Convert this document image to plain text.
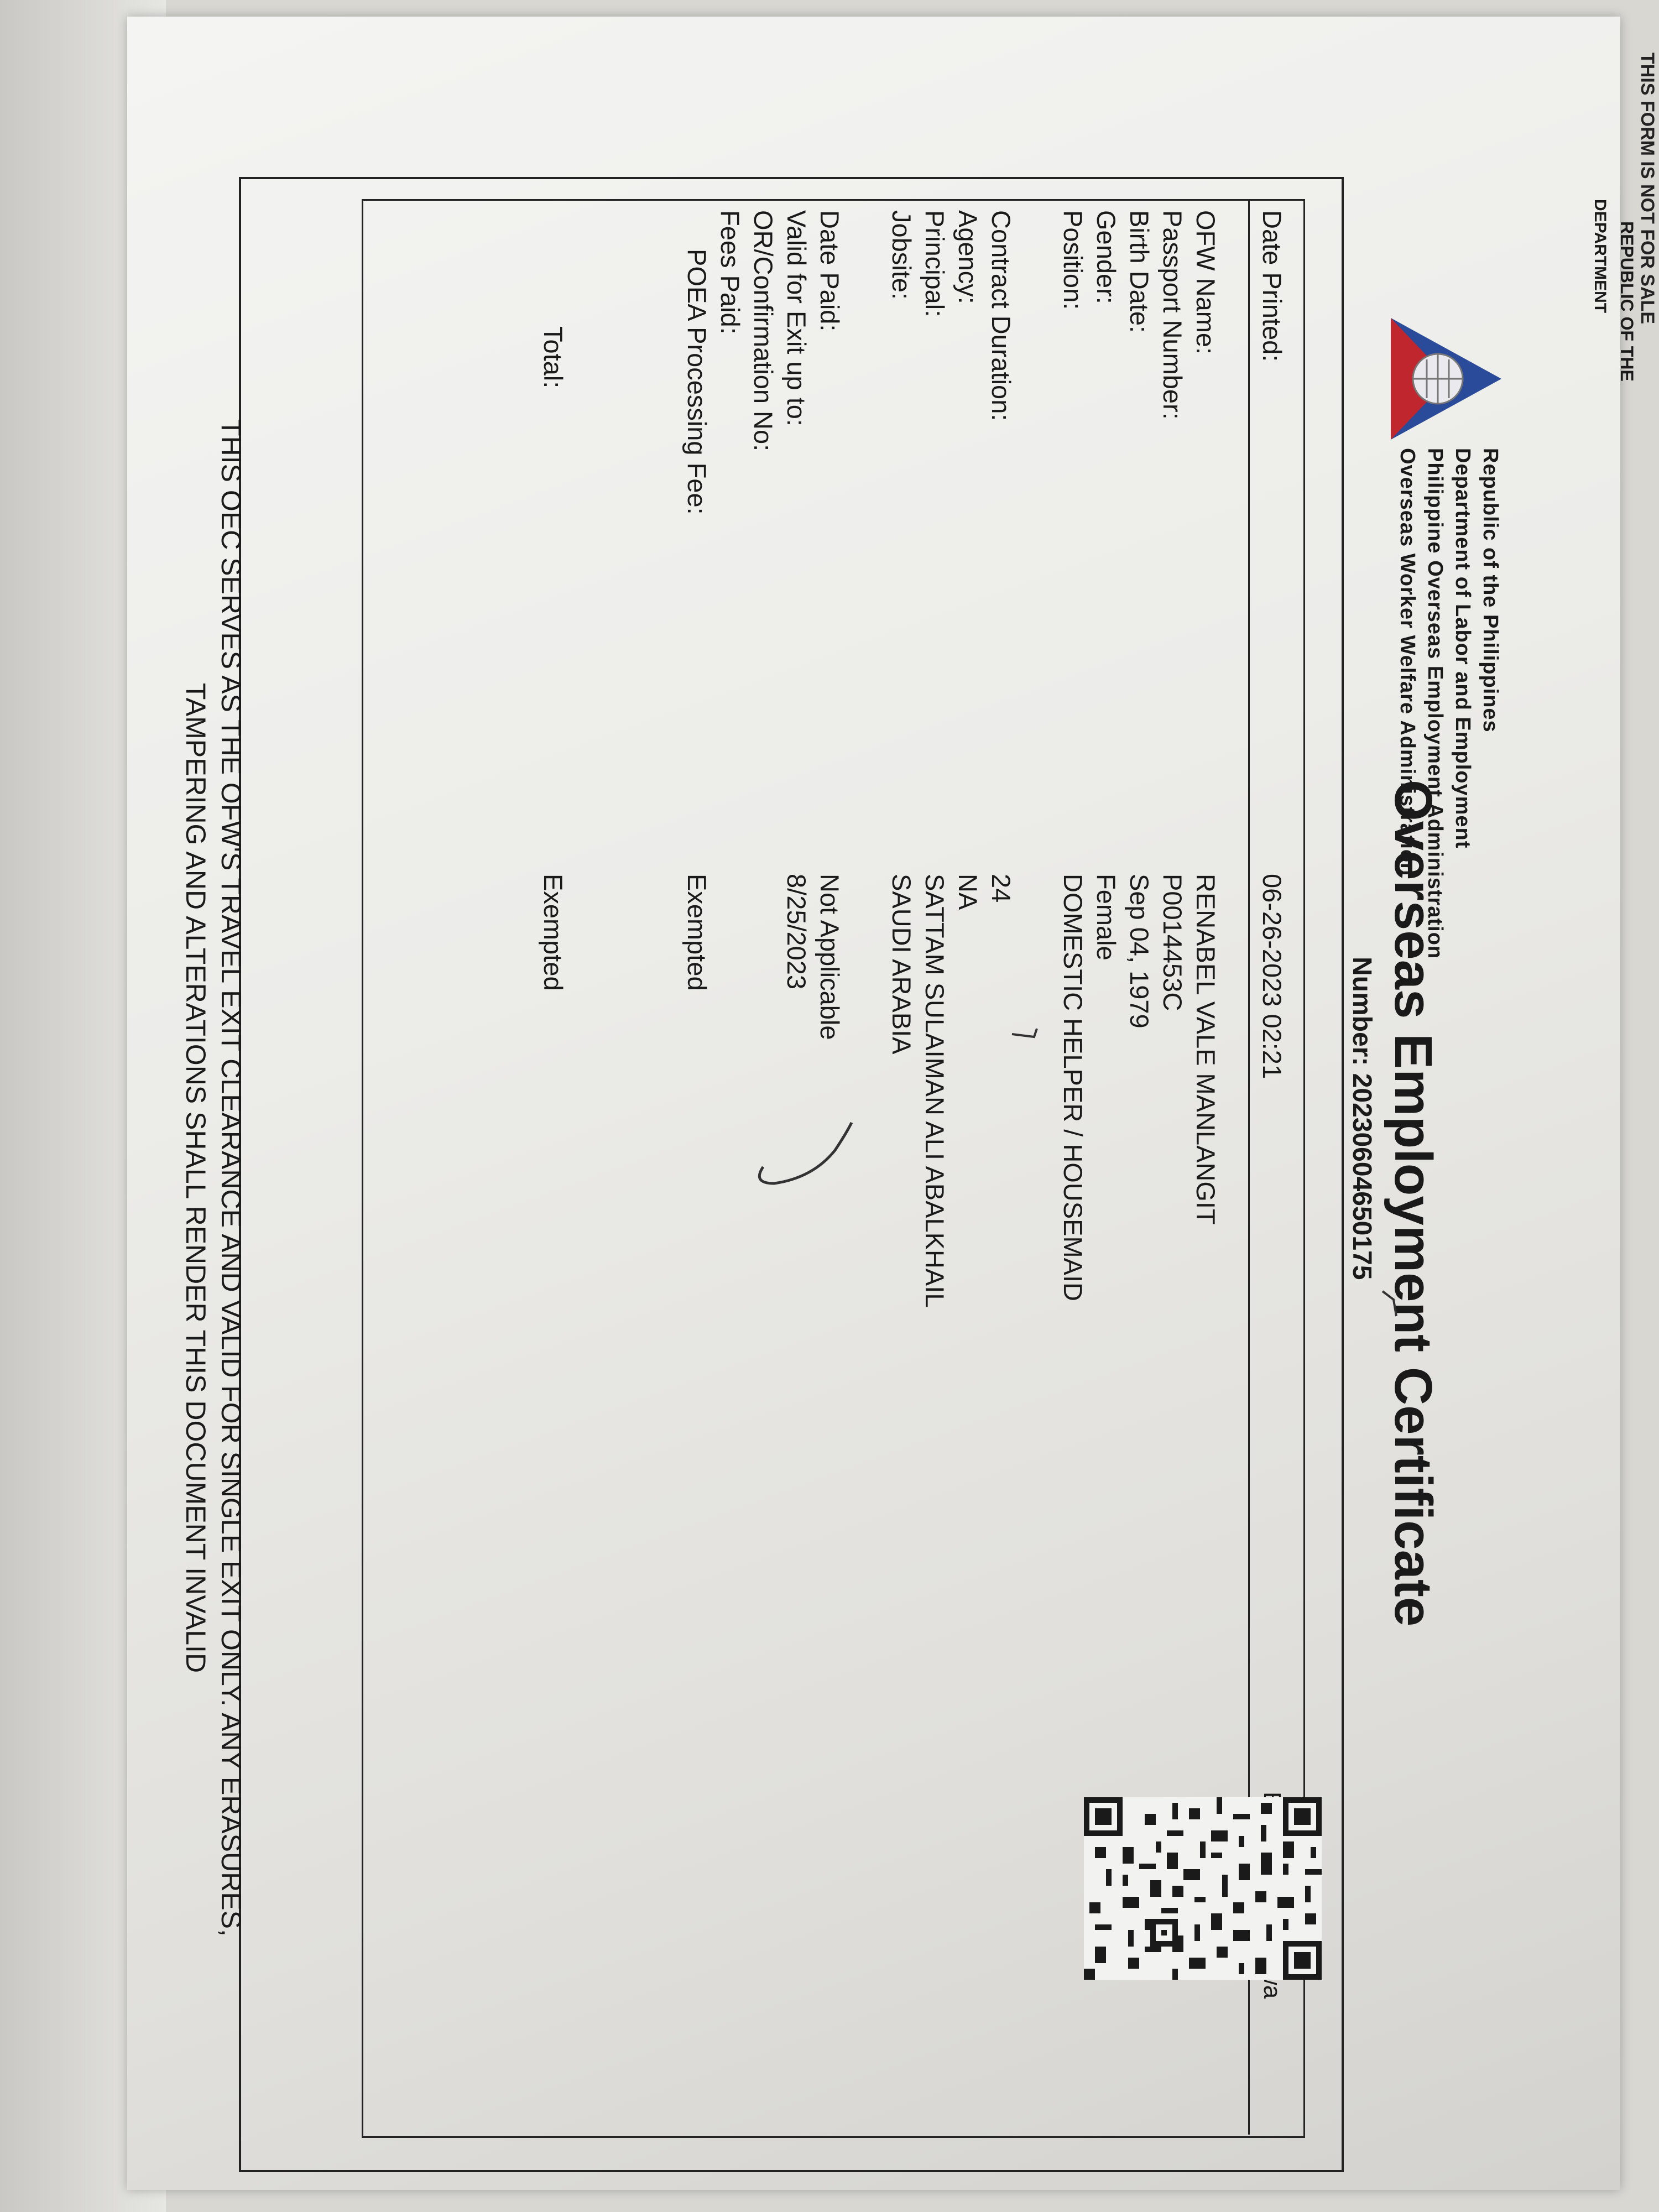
THIS FORM IS NOT FOR SALE
REPUBLIC OF THE
DEPARTMENT
Republic of the Philippines
Department of Labor and Employment
Philippine Overseas Employment Administration
Overseas Worker Welfare Administration
Overseas Employment Certificate
Number: 20230604650175
Date Printed:
06-26-2023 02:21
OFW Name:
RENABEL VALE MANLANGIT
Passport Number:
P0014453C
Birth Date:
Sep 04, 1979
Gender:
Female
Position:
DOMESTIC HELPER / HOUSEMAID
Contract Duration:
24
Agency:
NA
Principal:
SATTAM SULAIMAN ALI ABALKHAIL
Jobsite:
SAUDI ARABIA
Date Paid:
Not Applicable
Valid for Exit up to:
8/25/2023
OR/Confirmation No:
Fees Paid:
POEA Processing Fee:
Exempted
Total:
Exempted
THIS OEC SERVES AS THE OFW'S TRAVEL EXIT CLEARANCE AND VALID FOR SINGLE EXIT ONLY. ANY ERASURES,
TAMPERING AND ALTERATIONS SHALL RENDER THIS DOCUMENT INVALID
